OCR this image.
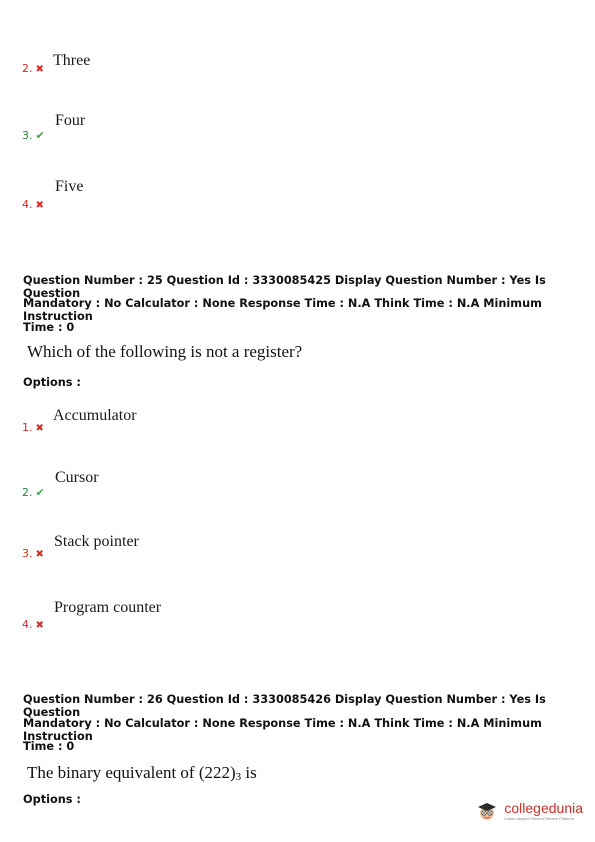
2. ✖
Three
3. ✔
Four
4. ✖
Five
Question Number : 25 Question Id : 3330085425 Display Question Number : Yes Is Question
Mandatory : No Calculator : None Response Time : N.A Think Time : N.A Minimum Instruction
Time : 0
Which of the following is not a register?
Options :
1. ✖
Accumulator
2. ✔
Cursor
3. ✖
Stack pointer
4. ✖
Program counter
Question Number : 26 Question Id : 3330085426 Display Question Number : Yes Is Question
Mandatory : No Calculator : None Response Time : N.A Think Time : N.A Minimum Instruction
Time : 0
The binary equivalent of $(222)_3$ is
Options :
collegedunia
India's largest Student Review Platform
